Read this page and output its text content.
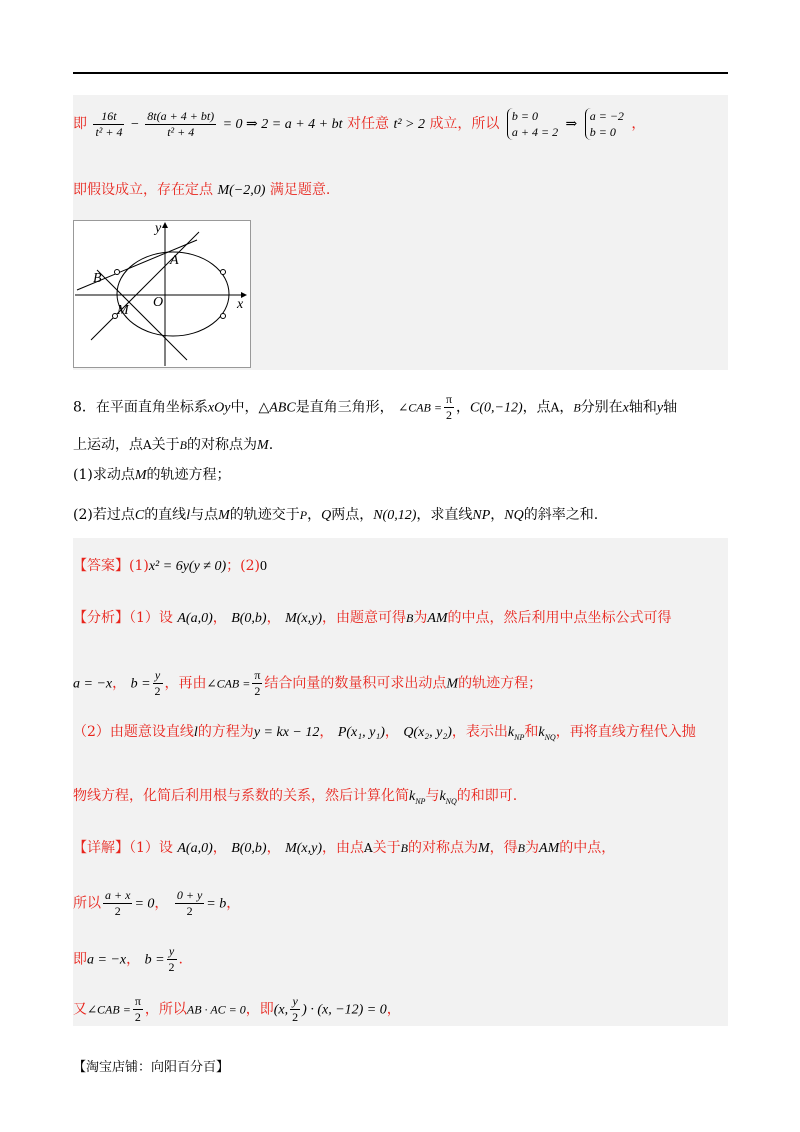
即 $\frac{16t}{\text{t² + 4}} - \frac{8t(a + 4 + bt)}{\text{t² + 4}} = 0$ ⇒ 2 = a + 4 + bt 对任意 t² > 2 成立，所以 b = 0
a + 4 = 2 ⇒ a = −2
b = 0 ，
即假设成立，存在定点 M(−2,0) 满足题意.
y
x
A
B
O
M
8．在平面直角坐标系xOy中，△ABC是直角三角形， ∠CAB = $\frac{\pi}{2}$ ，C(0,−12)，点A，B分别在x轴和y轴
上运动，点A关于B的对称点为M.
(1)求动点M的轨迹方程；
(2)若过点C的直线l与点M的轨迹交于P，Q两点，N(0,12)，求直线NP，NQ的斜率之和.
【答案】(1)x² = 6y(y ≠ 0)；(2)0
【分析】（1）设 A(a,0)， B(0,b)， M(x,y)，由题意可得B为AM的中点，然后利用中点坐标公式可得
a = −x， $b = \frac{y}{2}$ ，再由∠CAB = $\frac{\pi}{2}$ 结合向量的数量积可求出动点M的轨迹方程；
（2）由题意设直线l的方程为y = kx − 12， P(x₁, y₁)， Q(x₂, y₂)，表示出$k_{NP}$和$k_{NQ}$，再将直线方程代入抛
物线方程，化简后利用根与系数的关系，然后计算化简$k_{NP}$与$k_{NQ}$的和即可.
【详解】（1）设 A(a,0)， B(0,b)， M(x,y)，由点A关于B的对称点为M，得B为AM的中点，
所以 $\frac{a + x}{2} = 0$， $\frac{0 + y}{2} = b$，
即a = −x， $b = \frac{y}{2}$ .
又∠CAB = $\frac{\pi}{2}$ ，所以AB · AC = 0，即(x, $\frac{y}{2}$ ) · (x, −12) = 0，
【淘宝店铺：向阳百分百】
